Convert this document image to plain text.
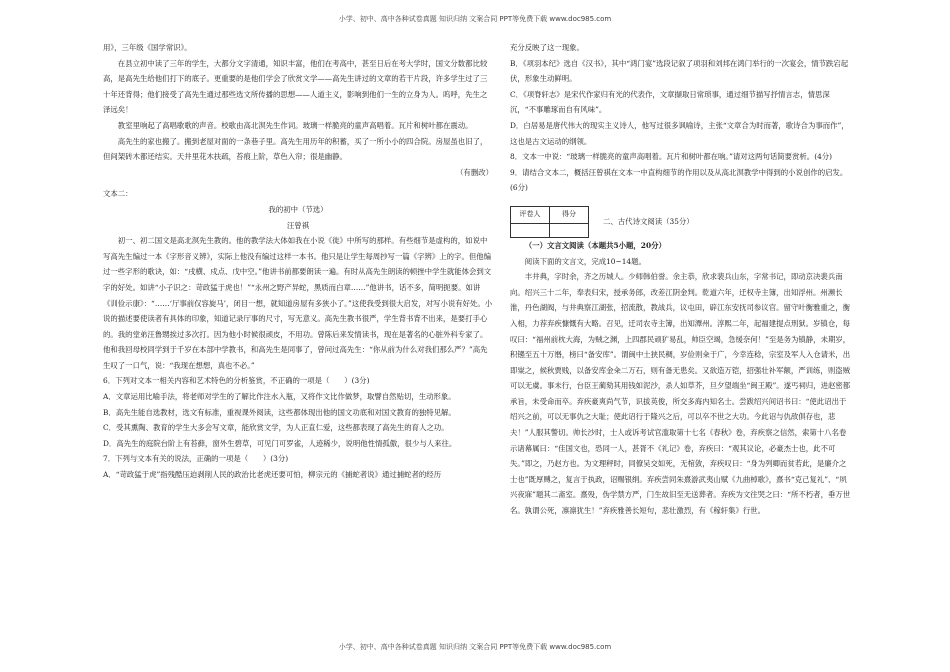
小学、初中、高中各种试卷真题 知识归纳 文案合同 PPT等免费下载 www.doc985.com

用》，三年级《国学常识》。

在县立初中读了三年的学生，大都分文字清通，知识丰富，他们在考高中，甚至日后在考大学时，国文分数都比较高，是高先生给他们打下的底子。更重要的是他们学会了欣赏文学——高先生讲过的文章的若干片段，许多学生过了三十年还背得；他们接受了高先生通过那些选文所传播的思想——人道主义，影响到他们一生的立身为人。呜呼，先生之泽远矣！

教室里响起了高唱歌歌的声音。校歌由高北溟先生作词。玻璃一样脆亮的童声高唱着。瓦片和树叶都在震动。

高先生的家也搬了。搬到老屋对面的一条巷子里。高先生用历年的积蓄，买了一所小小的四合院。房屋虽也旧了，但间架砖木都还结实。天井里花木扶疏，苔痕上阶，草色入帘；很是幽静。

（有删改）

文本二：

我的初中（节选）

汪曾祺

初一、初二国文是高北溟先生教的。他的教学法大体如我在小说《徙》中所写的那样。有些细节是虚构的，如说中写高先生编过一本《字形音义辨》，实际上他没有编过这样一本书。他只是让学生每周抄写一篇《字辨》上的字。但他编过一些字形的歌诀，如：“戌横、戍点、戊中空。”他讲书前都要朗读一遍。有时从高先生朗读的顿挫中学生就能体会到文字的好处。如讲“小子识之：苛政猛于虎也！”“永州之野产异蛇，黑质而白章……”他讲书，话不多，简明扼要。如讲《训俭示康》：“……‘厅事前仅容旋马’，闭目一想，就知道房屋有多狭小了。”这使我受到很大启发，对写小说有好处。小说的描述要使读者有具体的印象，知道记录厅事的尺寸，写无意义。高先生教书很严，学生背书背不出来，是要打手心的。我的堂弟汪鲁甥挨过多次打。因为他小时候很顽皮，不用功。曾陈后来发情读书，现在是著名的心脏外科专家了。他和我回母校同学到于千岁在本部中学教书，和高先生是同事了，曾问过高先生：“你从前为什么对我们那么严？”高先生叹了一口气，说：“我现在想想，真也不必。”

6．下列对文本一相关内容和艺术特色的分析鉴赏，不正确的一项是（　　）(3分)

A．文章运用比喻手法，将老师对学生的了解比作注水入瓶，又将作文比作做梦，取譬自然贴切，生动形象。

B．高先生能自选教材，选文有标准，重视课外阅读，这些都体现出他的国文功底和对国文教育的独特见解。

C．受其熏陶、教育的学生大多会写文章，能欣赏文学，为人正直仁爱，这些都表现了高先生的育人之功。

D．高先生的庭院台阶上有苔藓，窗外生碧草，可见门可罗雀，人迹稀少，说明他性情孤傲，很少与人来往。

7．下列与文本有关的说法，正确的一项是（　　）(3分)

A．“苛政猛于虎”指残酷压迫剥削人民的政治比老虎还要可怕，柳宗元的《捕蛇者说》通过捕蛇者的经历

充分反映了这一现象。

B．《项羽本纪》选自《汉书》，其中“鸿门宴”选段记叙了项羽和刘邦在鸿门举行的一次宴会，情节跌宕起伏，形象生动鲜明。

C．《项脊轩志》是宋代作家归有光的代表作，文章撷取日常琐事，通过细节描写抒情言志，情思深沉，“不事雕琢而自有风味”。

D．白居易是唐代伟大的现实主义诗人，他写过很多讽喻诗，主张“文章合为时而著，歌诗合为事而作”，这也是古文运动的纲领。

8．文本一中说：“玻璃一样脆亮的童声高唱着。瓦片和树叶都在响。”请对这两句话简要赏析。(4分)

9．请结合文本二，概括汪曾祺在文本一中直构细节的作用以及从高北溟教学中得到的小说创作的启发。(6分)

评卷人	得分

二、古代诗文阅读（35分）

（一）文言文阅读（本题共5小题，20分）

阅读下面的文言文，完成10~14题。

丰井典，字时余，齐之历城人。少师韩伯誉。余主恭，欣求裴兵山东，字常书记，即动京决裴兵南向。绍兴三十二年，奉表归宋，授承务郎，改差江阴金判。乾道六年，迁权寺主簿，出知浮州。州濒长淮，丹色湖阀，与井典察江湖张，招流散，教战兵，议屯田，辟江东安抚司参议官。留守叶衡雅重之，衡入相，力荐弃疾慷慨有大略。召见，迁司农寺主簿，出知潭州。淳熙二年，起福建提点刑狱。岁镇仓，每叹曰：“福州前枕大海，为贼之渊，上四郡民顽犷易乱，帅臣空竭，急缓奈何！”至是务为镇静，未期岁，积镪至五十万缗，榜曰“备安库”。谓闽中土狭民稠，岁俭则籴于广，今幸连稔，宗室及军人入仓请米，出即粜之，候秋贾贱，以备安库金籴二万石，则有备无患矣。又欲造万铠，招强壮补军额，严训练，则盗贼可以无虞。事未行，台臣王蔺劾其用钱如泥沙，杀人如草芥，旦夕望端坐“闽王殿”。遂丐祠归，进赵密都承旨，未受命而卒。弃疾豪爽尚气节，识拔英俊，所交多海内知名士。尝跋绍兴间诏书曰：“使此诏出于绍兴之前，可以无事仇之大耻；使此诏行于隆兴之后，可以卒不世之大功。今此诏与仇敌俱存也，悲夫！”人服其警切。帅长沙时，士人或诉考试官滥取第十七名《春秋》卷，弃疾察之信然，索第十八名卷示诸幕属曰：“佳国文也，恐同一人，甚胥不《礼记》卷，弃疾曰：“观其议论，必豪杰士也，此不可失。”即之，乃赵方也。为文理秤时，同僚吴交如死，无棺敛，弃疾叹曰：“身为列卿而贫若此，是廉介之士也”既厚赙之，复言于执政，诏赐银绢。弃疾尝同朱熹游武夷山赋《九曲棹歌》，熹书“克己复礼”、“夙兴夜寐”题其二斋室。熹殁，伪学禁方严，门生故旧至无送葬者。弃疾为文往哭之曰：“所不朽者，垂万世名。孰谓公死，凛凛犹生！”弃疾雅善长短句，悲壮激烈，有《稼轩集》行世。

小学、初中、高中各种试卷真题 知识归纳 文案合同 PPT等免费下载 www.doc985.com
